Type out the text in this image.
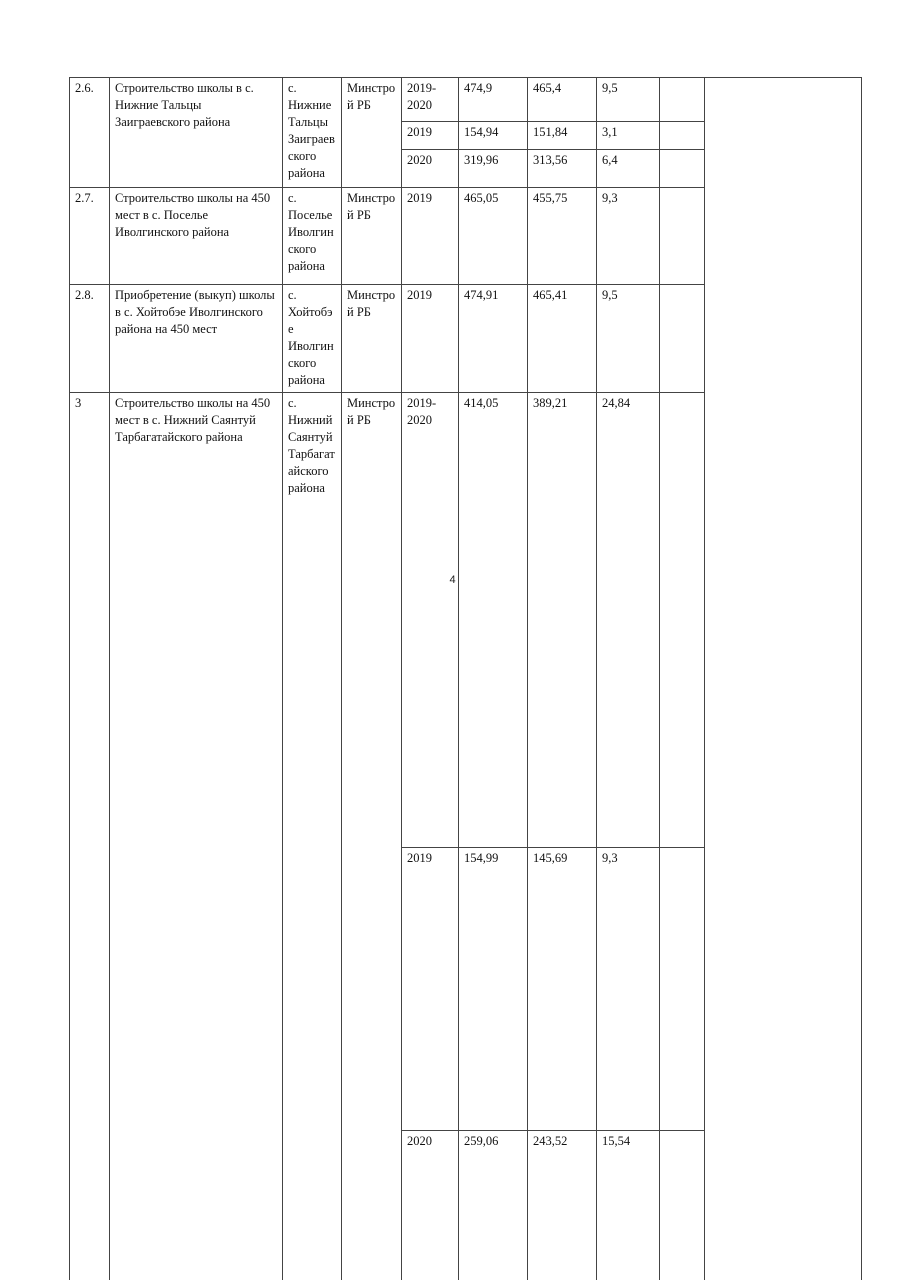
2.6.	Строительство школы в с. Нижние Тальцы Заиграевского района	с. Нижние Тальцы Заиграевского района	Минстрой РБ	2019-2020	474,9	465,4	9,5			
				2019	154,94	151,84	3,1			
				2020	319,96	313,56	6,4			
2.7.	Строительство школы на 450 мест в с. Поселье Иволгинского района	с. Поселье Иволгинского района	Минстрой РБ	2019	465,05	455,75	9,3			
2.8.	Приобретение (выкуп) школы в с. Хойтобэе Иволгинского района на 450 мест	с. Хойтобэе Иволгинского района	Минстрой РБ	2019	474,91	465,41	9,5			
3	Строительство школы на 450 мест в с. Нижний Саянтуй Тарбагатайского района	с. Нижний Саянтуй Тарбагатайского района	Минстрой РБ	2019-2020	414,05	389,21	24,84		
				2019	154,99	145,69	9,3			
				2020	259,06	243,52	15,54			
4
